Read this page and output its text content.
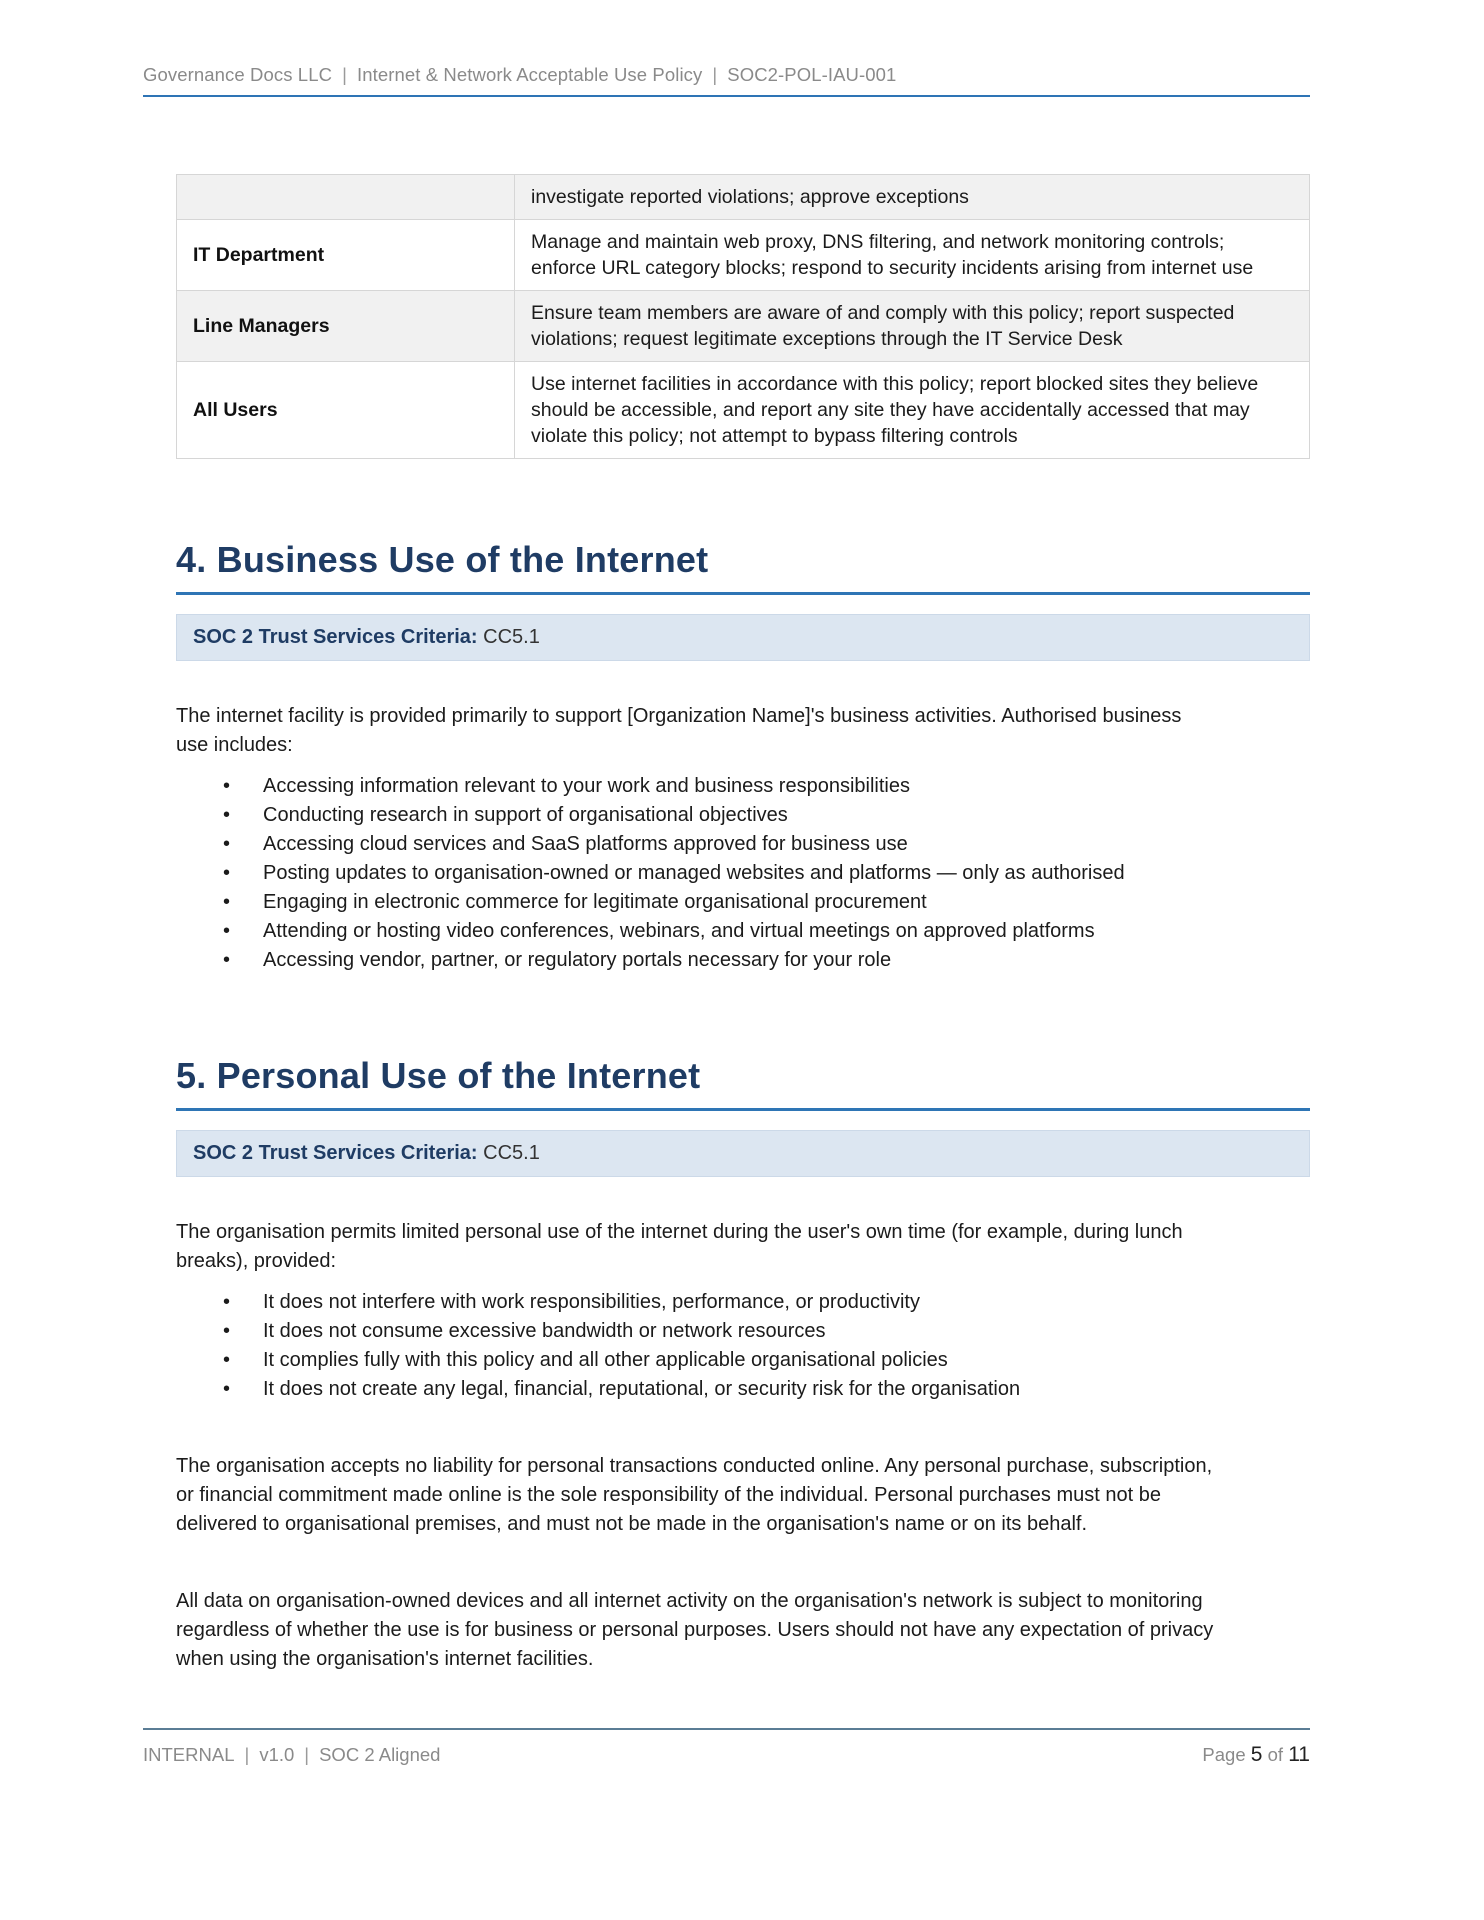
Governance Docs LLC | Internet & Network Acceptable Use Policy | SOC2-POL-IAU-001
	investigate reported violations; approve exceptions
IT Department	Manage and maintain web proxy, DNS filtering, and network monitoring controls; enforce URL category blocks; respond to security incidents arising from internet use
Line Managers	Ensure team members are aware of and comply with this policy; report suspected violations; request legitimate exceptions through the IT Service Desk
All Users	Use internet facilities in accordance with this policy; report blocked sites they believe should be accessible, and report any site they have accidentally accessed that may violate this policy; not attempt to bypass filtering controls
4. Business Use of the Internet
SOC 2 Trust Services Criteria: CC5.1

The internet facility is provided primarily to support [Organization Name]'s business activities. Authorised business use includes:

• Accessing information relevant to your work and business responsibilities
• Conducting research in support of organisational objectives
• Accessing cloud services and SaaS platforms approved for business use
• Posting updates to organisation-owned or managed websites and platforms — only as authorised
• Engaging in electronic commerce for legitimate organisational procurement
• Attending or hosting video conferences, webinars, and virtual meetings on approved platforms
• Accessing vendor, partner, or regulatory portals necessary for your role
5. Personal Use of the Internet
SOC 2 Trust Services Criteria: CC5.1

The organisation permits limited personal use of the internet during the user's own time (for example, during lunch breaks), provided:

• It does not interfere with work responsibilities, performance, or productivity
• It does not consume excessive bandwidth or network resources
• It complies fully with this policy and all other applicable organisational policies
• It does not create any legal, financial, reputational, or security risk for the organisation

The organisation accepts no liability for personal transactions conducted online. Any personal purchase, subscription, or financial commitment made online is the sole responsibility of the individual. Personal purchases must not be delivered to organisational premises, and must not be made in the organisation's name or on its behalf.

All data on organisation-owned devices and all internet activity on the organisation's network is subject to monitoring regardless of whether the use is for business or personal purposes. Users should not have any expectation of privacy when using the organisation's internet facilities.

INTERNAL | v1.0 | SOC 2 Aligned	Page 5 of 11
